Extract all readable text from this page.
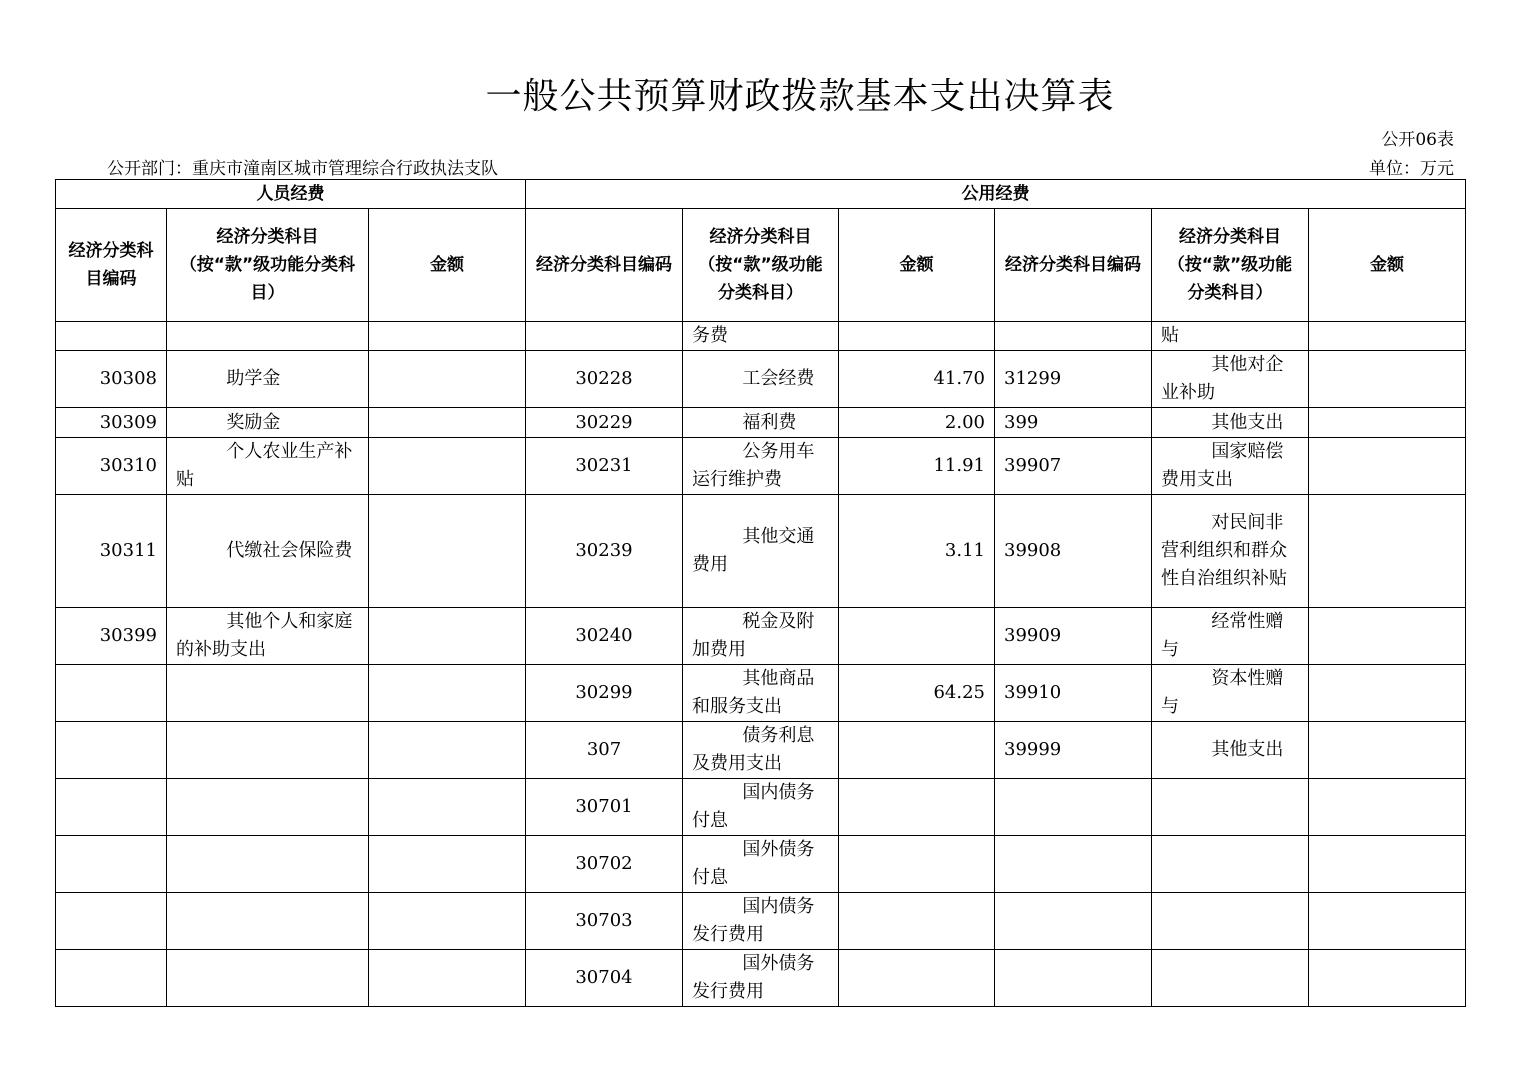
一般公共预算财政拨款基本支出决算表
公开06表
公开部门：重庆市潼南区城市管理综合行政执法支队	单位：万元
人员经费			公用经费					
经济分类科目编码	经济分类科目（按“款”级功能分类科目）	金额	经济分类科目编码	经济分类科目（按“款”级功能分类科目）	金额	经济分类科目编码	经济分类科目（按“款”级功能分类科目）	金额
				务费			贴	
30308	助学金		30228	工会经费	41.70	31299	其他对企业补助	
30309	奖励金		30229	福利费	2.00	399	其他支出	
30310	个人农业生产补贴		30231	公务用车运行维护费	11.91	39907	国家赔偿费用支出	
30311	代缴社会保险费		30239	其他交通费用	3.11	39908	对民间非营利组织和群众性自治组织补贴	
30399	其他个人和家庭的补助支出		30240	税金及附加费用		39909	经常性赠与	
			30299	其他商品和服务支出	64.25	39910	资本性赠与	
			307	债务利息及费用支出		39999	其他支出	
			30701	国内债务付息				
			30702	国外债务付息				
			30703	国内债务发行费用				
			30704	国外债务发行费用				
